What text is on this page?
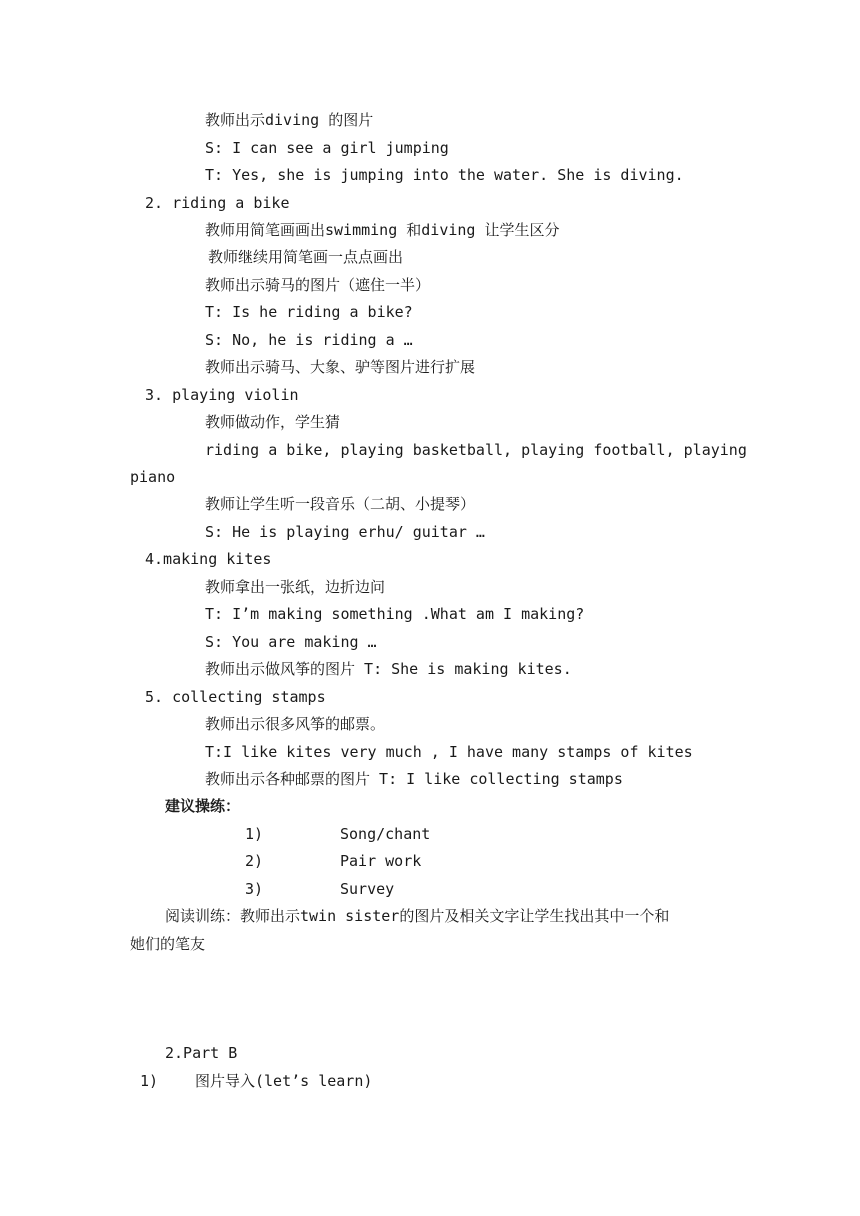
教师出示diving 的图片
S: I can see a girl jumping
T: Yes, she is jumping into the water. She is diving.
2. riding a bike
教师用简笔画画出swimming 和diving 让学生区分
教师继续用简笔画一点点画出
教师出示骑马的图片（遮住一半）
T: Is he riding a bike?
S: No, he is riding a …
教师出示骑马、大象、驴等图片进行扩展
3. playing violin
教师做动作，学生猜
riding a bike, playing basketball, playing football, playing
piano
教师让学生听一段音乐（二胡、小提琴）
S: He is playing erhu/ guitar …
4.making kites
教师拿出一张纸，边折边问
T: I’m making something .What am I making?
S: You are making …
教师出示做风筝的图片 T: She is making kites.
5. collecting stamps
教师出示很多风筝的邮票。
T:I like kites very much , I have many stamps of kites
教师出示各种邮票的图片 T: I like collecting stamps
建议操练：
1)	Song/chant
2)	Pair work
3)	Survey
阅读训练：教师出示twin sister的图片及相关文字让学生找出其中一个和
她们的笔友
2.Part B
1) 图片导入(let’s learn)
